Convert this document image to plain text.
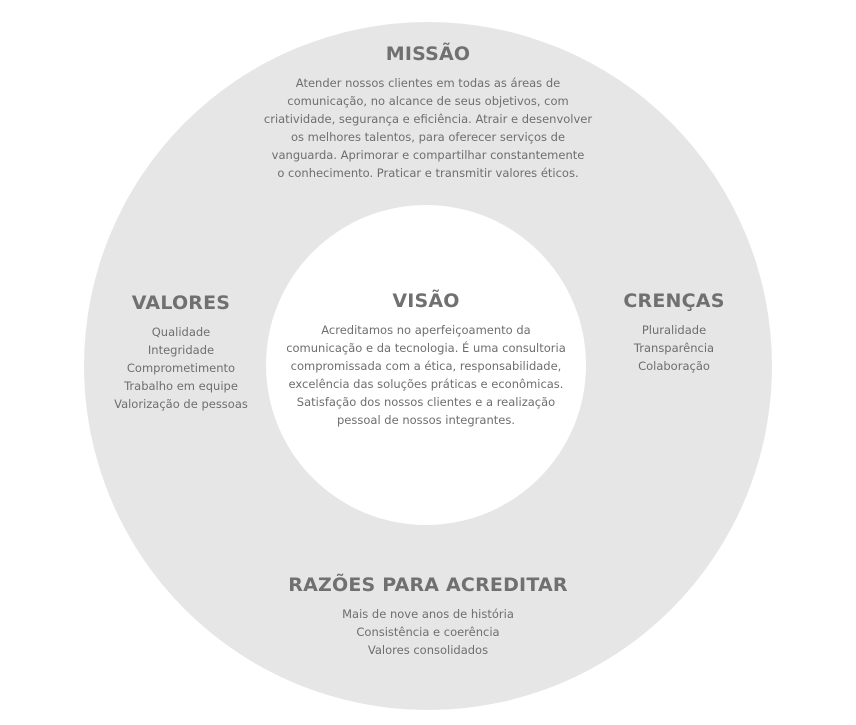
MISSÃO
Atender nossos clientes em todas as áreas de
comunicação, no alcance de seus objetivos, com
criatividade, segurança e eficiência. Atrair e desenvolver
os melhores talentos, para oferecer serviços de
vanguarda. Aprimorar e compartilhar constantemente
o conhecimento. Praticar e transmitir valores éticos.
VISÃO
Acreditamos no aperfeiçoamento da
comunicação e da tecnologia. É uma consultoria
compromissada com a ética, responsabilidade,
excelência das soluções práticas e econômicas.
Satisfação dos nossos clientes e a realização
pessoal de nossos integrantes.
VALORES
Qualidade
Integridade
Comprometimento
Trabalho em equipe
Valorização de pessoas
CRENÇAS
Pluralidade
Transparência
Colaboração
RAZÕES PARA ACREDITAR
Mais de nove anos de história
Consistência e coerência
Valores consolidados
